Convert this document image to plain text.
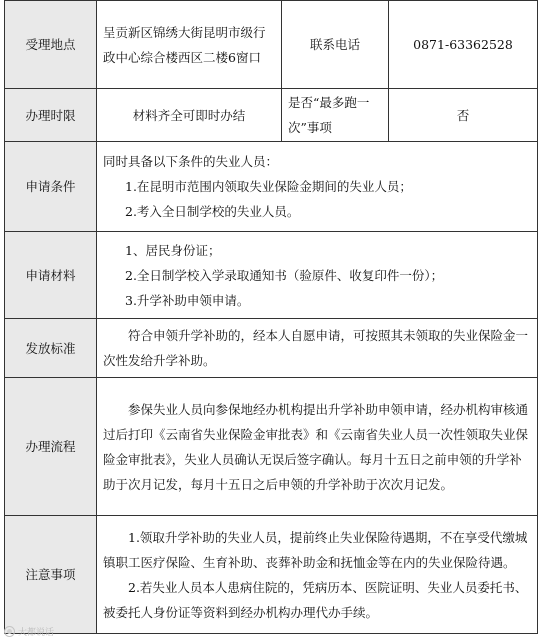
受理地点	呈贡新区锦绣大街昆明市级行政中心综合楼西区二楼6窗口	联系电话	0871-63362528
办理时限	材料齐全可即时办结	是否“最多跑一次”事项	否
申请条件	同时具备以下条件的失业人员：

1.在昆明市范围内领取失业保险金期间的失业人员；

2.考入全日制学校的失业人员。		

申请材料	1、居民身份证；

2.全日制学校入学录取通知书（验原件、收复印件一份）；

3.升学补助申领申请。		

发放标准	符合申领升学补助的，经本人自愿申请，可按照其未领取的失业保险金一次性发给升学补助。		

办理流程	参保失业人员向参保地经办机构提出升学补助申领申请，经办机构审核通过后打印《云南省失业保险金审批表》和《云南省失业人员一次性领取失业保险金审批表》，失业人员确认无误后签字确认。每月十五日之前申领的升学补助于次月记发，每月十五日之后申领的升学补助于次次月记发。		

注意事项	1.领取升学补助的失业人员，提前终止失业保险待遇期，不在享受代缴城镇职工医疗保险、生育补助、丧葬补助金和抚恤金等在内的失业保险待遇。

2.若失业人员本人患病住院的，凭病历本、医院证明、失业人员委托书、被委托人身份证等资料到经办机构办理代办手续。		

大都说话
